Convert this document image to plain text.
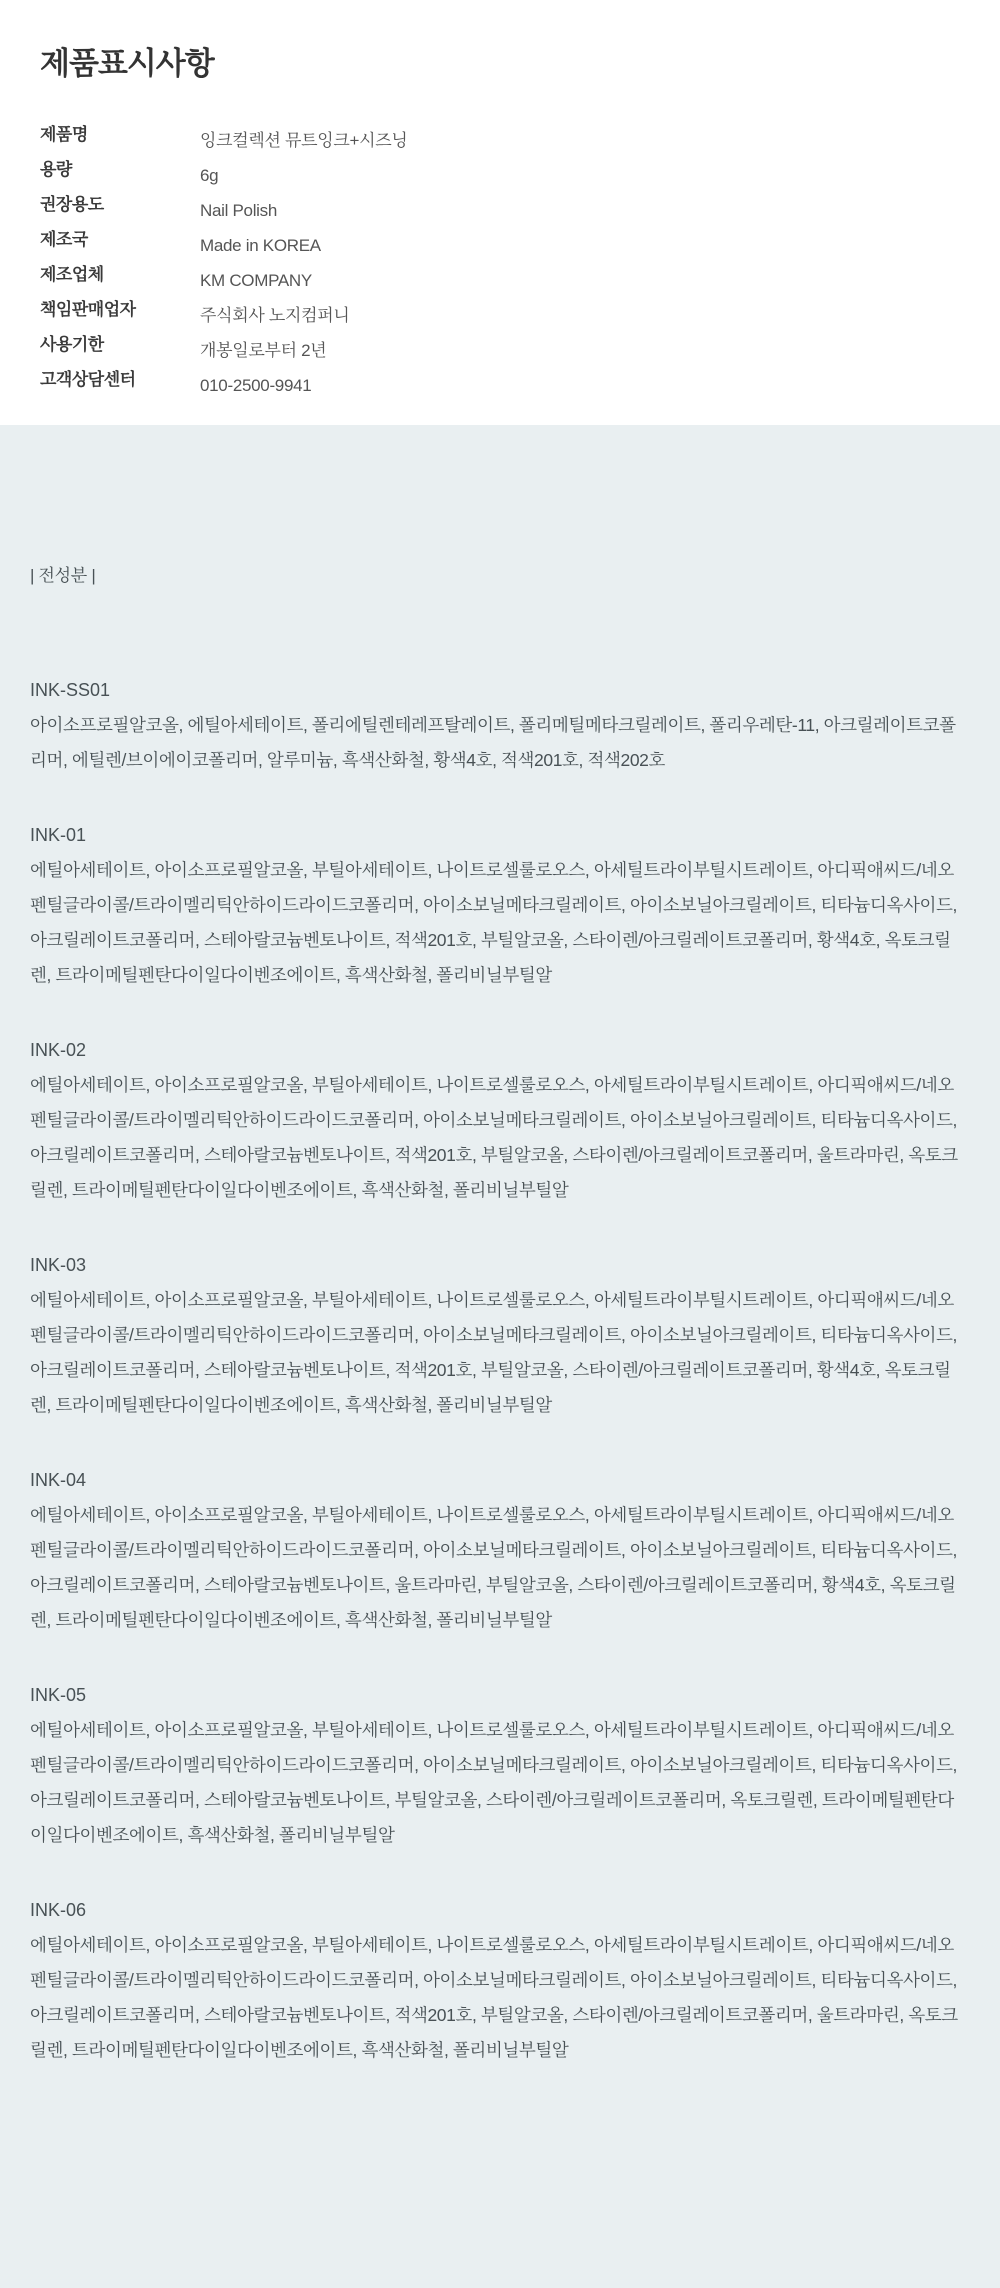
제품표시사항
제품명	잉크컬렉션 뮤트잉크+시즈닝
용량	6g
권장용도	Nail Polish
제조국	Made in KOREA
제조업체	KM COMPANY
책임판매업자	주식회사 노지컴퍼니
사용기한	개봉일로부터 2년
고객상담센터	010-2500-9941
| 전성분 |
INK-SS01
아이소프로필알코올, 에틸아세테이트, 폴리에틸렌테레프탈레이트, 폴리메틸메타크릴레이트, 폴리우레탄-11, 아크릴레이트코폴리머, 에틸렌/브이에이코폴리머, 알루미늄, 흑색산화철, 황색4호, 적색201호, 적색202호
INK-01
에틸아세테이트, 아이소프로필알코올, 부틸아세테이트, 나이트로셀룰로오스, 아세틸트라이부틸시트레이트, 아디픽애씨드/네오펜틸글라이콜/트라이멜리틱안하이드라이드코폴리머, 아이소보닐메타크릴레이트, 아이소보닐아크릴레이트, 티타늄디옥사이드, 아크릴레이트코폴리머, 스테아랄코늄벤토나이트, 적색201호, 부틸알코올, 스타이렌/아크릴레이트코폴리머, 황색4호, 옥토크릴렌, 트라이메틸펜탄다이일다이벤조에이트, 흑색산화철, 폴리비닐부틸알
INK-02
에틸아세테이트, 아이소프로필알코올, 부틸아세테이트, 나이트로셀룰로오스, 아세틸트라이부틸시트레이트, 아디픽애씨드/네오펜틸글라이콜/트라이멜리틱안하이드라이드코폴리머, 아이소보닐메타크릴레이트, 아이소보닐아크릴레이트, 티타늄디옥사이드, 아크릴레이트코폴리머, 스테아랄코늄벤토나이트, 적색201호, 부틸알코올, 스타이렌/아크릴레이트코폴리머, 울트라마린, 옥토크릴렌, 트라이메틸펜탄다이일다이벤조에이트, 흑색산화철, 폴리비닐부틸알
INK-03
에틸아세테이트, 아이소프로필알코올, 부틸아세테이트, 나이트로셀룰로오스, 아세틸트라이부틸시트레이트, 아디픽애씨드/네오펜틸글라이콜/트라이멜리틱안하이드라이드코폴리머, 아이소보닐메타크릴레이트, 아이소보닐아크릴레이트, 티타늄디옥사이드, 아크릴레이트코폴리머, 스테아랄코늄벤토나이트, 적색201호, 부틸알코올, 스타이렌/아크릴레이트코폴리머, 황색4호, 옥토크릴렌, 트라이메틸펜탄다이일다이벤조에이트, 흑색산화철, 폴리비닐부틸알
INK-04
에틸아세테이트, 아이소프로필알코올, 부틸아세테이트, 나이트로셀룰로오스, 아세틸트라이부틸시트레이트, 아디픽애씨드/네오펜틸글라이콜/트라이멜리틱안하이드라이드코폴리머, 아이소보닐메타크릴레이트, 아이소보닐아크릴레이트, 티타늄디옥사이드, 아크릴레이트코폴리머, 스테아랄코늄벤토나이트, 울트라마린, 부틸알코올, 스타이렌/아크릴레이트코폴리머, 황색4호, 옥토크릴렌, 트라이메틸펜탄다이일다이벤조에이트, 흑색산화철, 폴리비닐부틸알
INK-05
에틸아세테이트, 아이소프로필알코올, 부틸아세테이트, 나이트로셀룰로오스, 아세틸트라이부틸시트레이트, 아디픽애씨드/네오펜틸글라이콜/트라이멜리틱안하이드라이드코폴리머, 아이소보닐메타크릴레이트, 아이소보닐아크릴레이트, 티타늄디옥사이드, 아크릴레이트코폴리머, 스테아랄코늄벤토나이트, 부틸알코올, 스타이렌/아크릴레이트코폴리머, 옥토크릴렌, 트라이메틸펜탄다이일다이벤조에이트, 흑색산화철, 폴리비닐부틸알
INK-06
에틸아세테이트, 아이소프로필알코올, 부틸아세테이트, 나이트로셀룰로오스, 아세틸트라이부틸시트레이트, 아디픽애씨드/네오펜틸글라이콜/트라이멜리틱안하이드라이드코폴리머, 아이소보닐메타크릴레이트, 아이소보닐아크릴레이트, 티타늄디옥사이드, 아크릴레이트코폴리머, 스테아랄코늄벤토나이트, 적색201호, 부틸알코올, 스타이렌/아크릴레이트코폴리머, 울트라마린, 옥토크릴렌, 트라이메틸펜탄다이일다이벤조에이트, 흑색산화철, 폴리비닐부틸알
